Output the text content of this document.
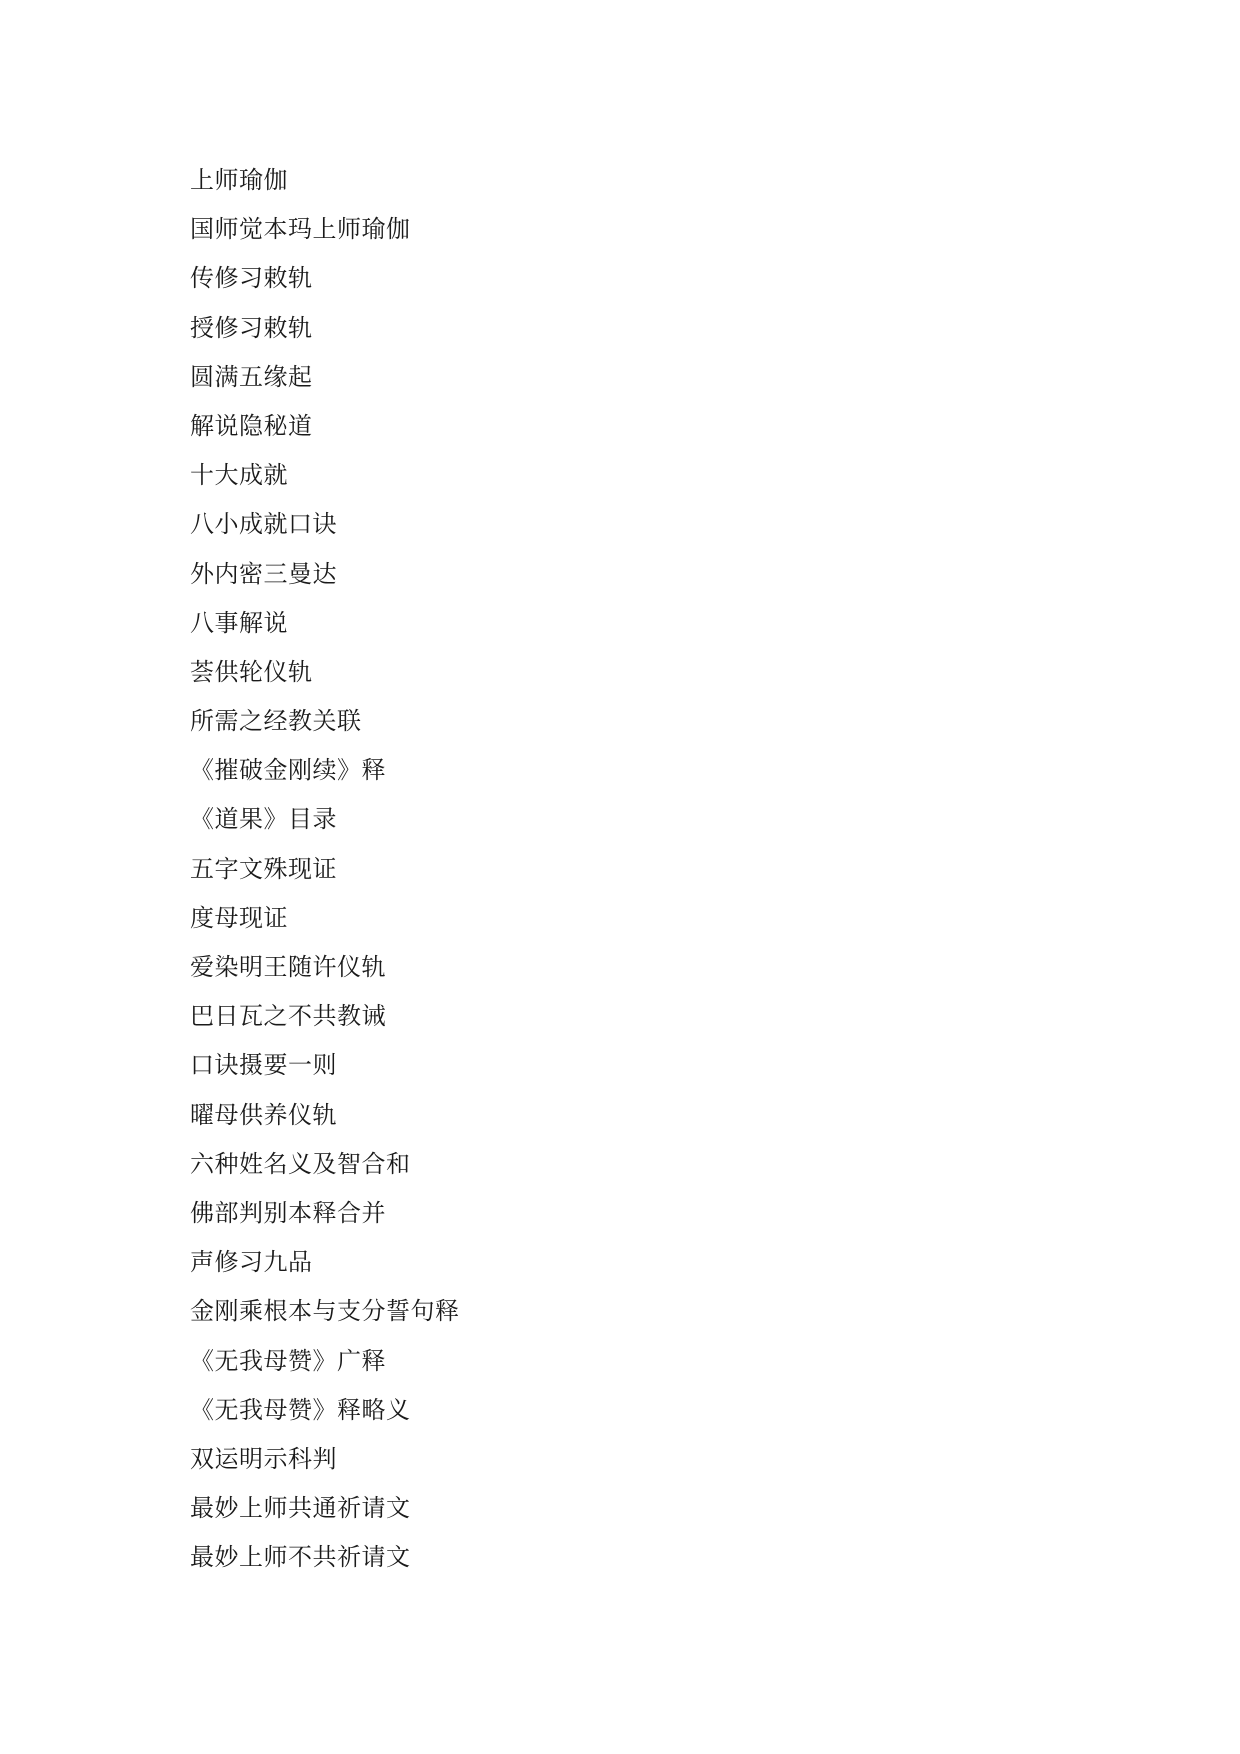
上师瑜伽
国师觉本玛上师瑜伽
传修习敕轨
授修习敕轨
圆满五缘起
解说隐秘道
十大成就
八小成就口诀
外内密三曼达
八事解说
荟供轮仪轨
所需之经教关联
《摧破金刚续》释
《道果》目录
五字文殊现证
度母现证
爱染明王随许仪轨
巴日瓦之不共教诫
口诀摄要一则
曜母供养仪轨
六种姓名义及智合和
佛部判别本释合并
声修习九品
金刚乘根本与支分誓句释
《无我母赞》广释
《无我母赞》释略义
双运明示科判
最妙上师共通祈请文
最妙上师不共祈请文
